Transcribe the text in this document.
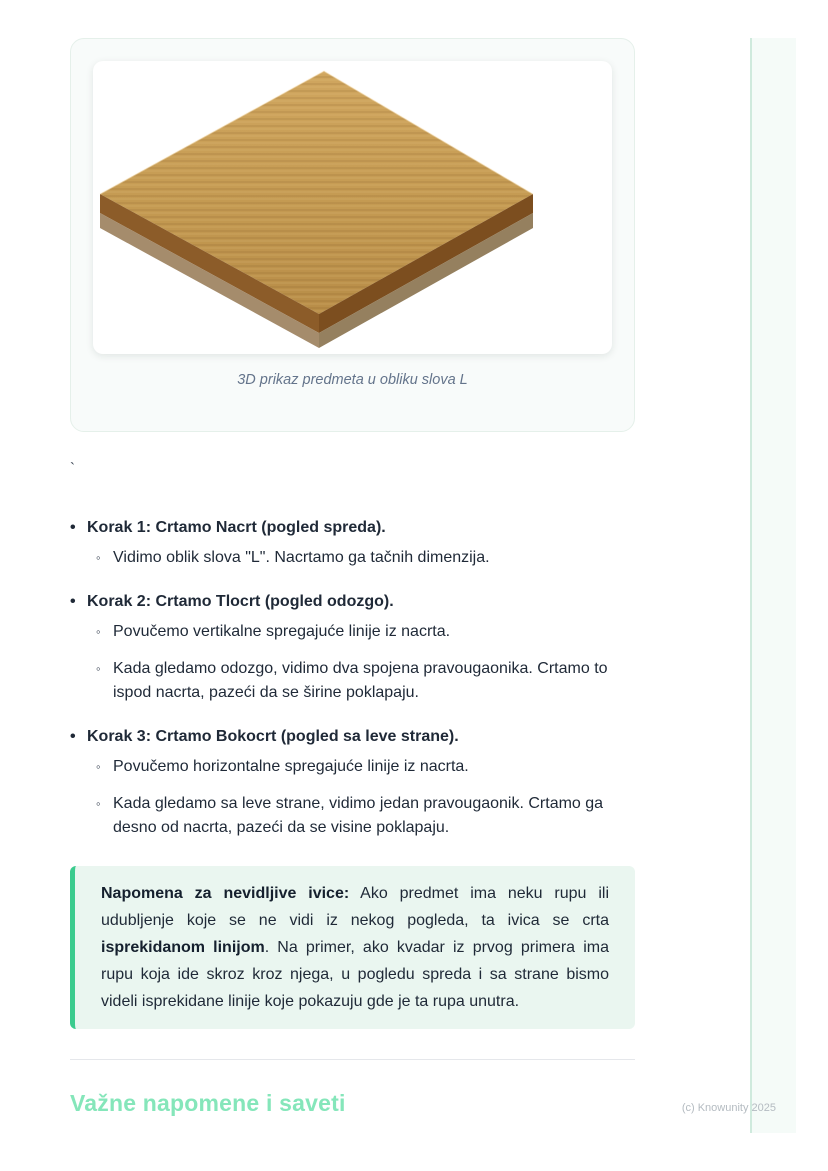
3D prikaz predmeta u obliku slova L
`
• Korak 1: Crtamo Nacrt (pogled spreda).
◦ Vidimo oblik slova "L". Nacrtamo ga tačnih dimenzija.
• Korak 2: Crtamo Tlocrt (pogled odozgo).
◦ Povučemo vertikalne spregajuće linije iz nacrta.
◦ Kada gledamo odozgo, vidimo dva spojena pravougaonika. Crtamo to ispod nacrta, pazeći da se širine poklapaju.
• Korak 3: Crtamo Bokocrt (pogled sa leve strane).
◦ Povučemo horizontalne spregajuće linije iz nacrta.
◦ Kada gledamo sa leve strane, vidimo jedan pravougaonik. Crtamo ga desno od nacrta, pazeći da se visine poklapaju.
Napomena za nevidljive ivice: Ako predmet ima neku rupu ili udubljenje koje se ne vidi iz nekog pogleda, ta ivica se crta isprekidanom linijom. Na primer, ako kvadar iz prvog primera ima rupu koja ide skroz kroz njega, u pogledu spreda i sa strane bismo videli isprekidane linije koje pokazuju gde je ta rupa unutra.
Važne napomene i saveti	(c) Knowunity 2025
